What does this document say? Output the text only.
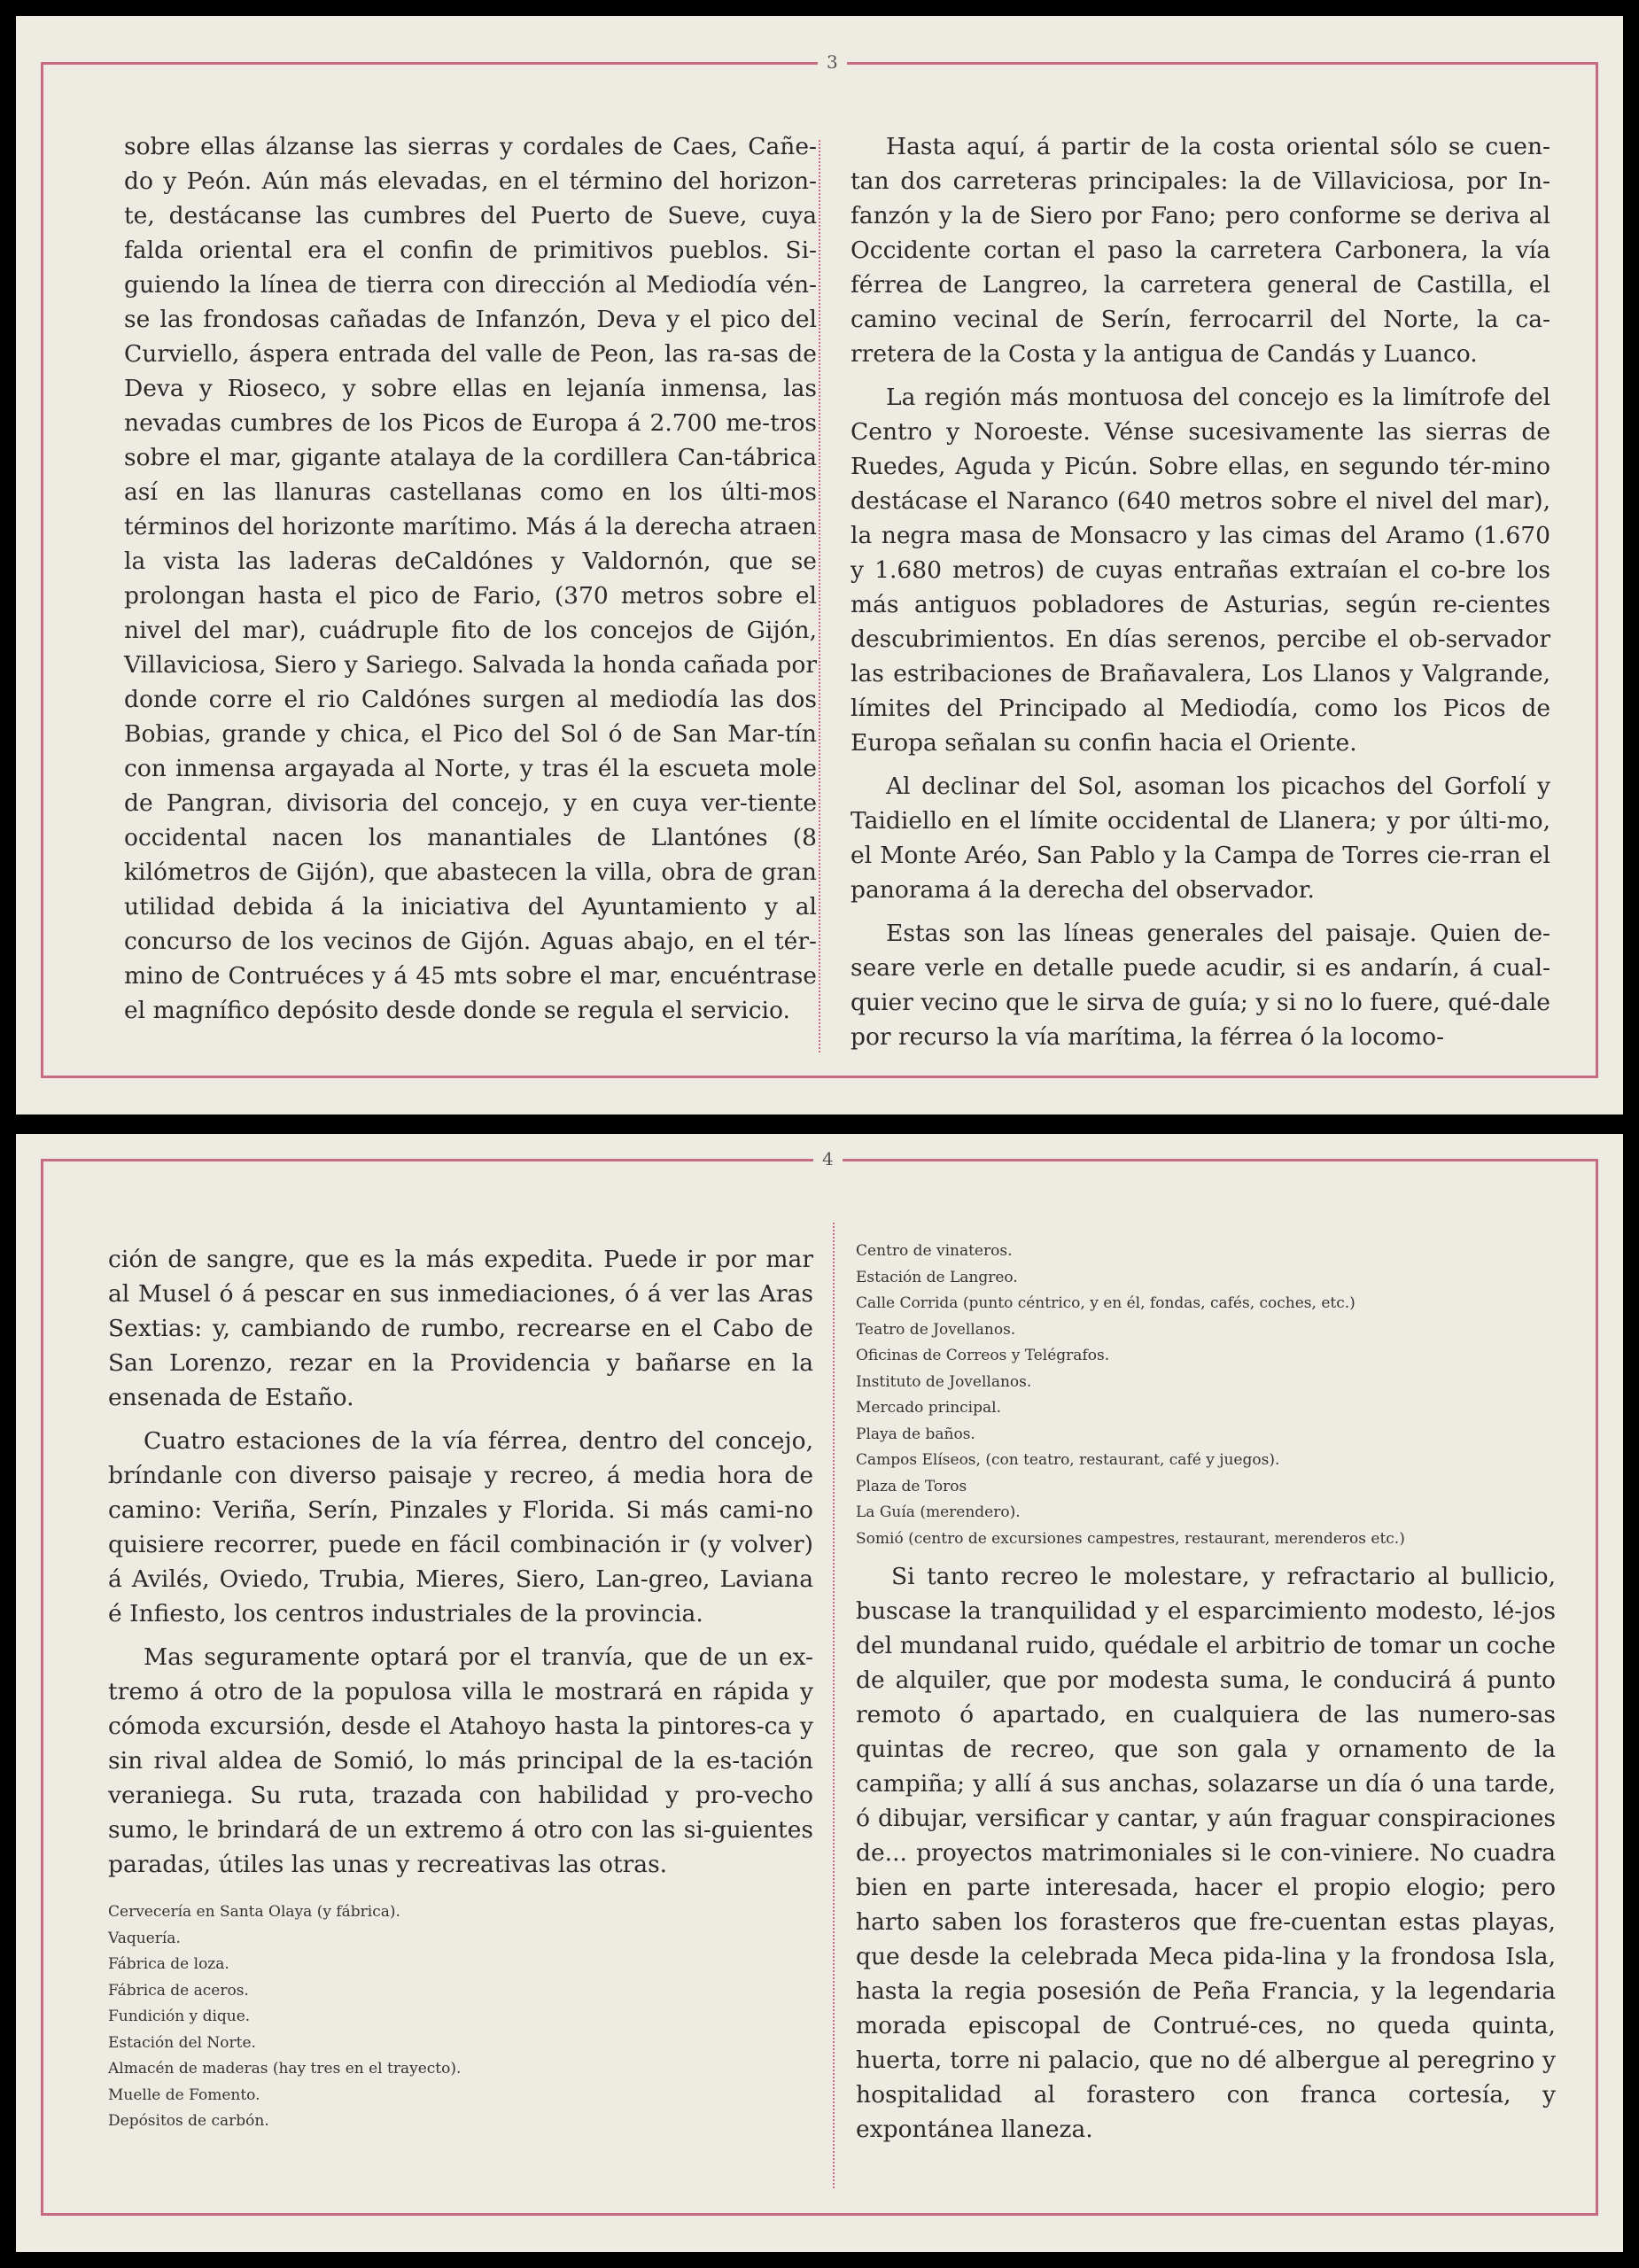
3

sobre ellas álzanse las sierras y cordales de Caes, Cañe-do y Peón. Aún más elevadas, en el término del horizon-te, destácanse las cumbres del Puerto de Sueve, cuya falda oriental era el confin de primitivos pueblos. Si-guiendo la línea de tierra con dirección al Mediodía vén-se las frondosas cañadas de Infanzón, Deva y el pico del Curviello, áspera entrada del valle de Peon, las ra-sas de Deva y Rioseco, y sobre ellas en lejanía inmensa, las nevadas cumbres de los Picos de Europa á 2.700 me-tros sobre el mar, gigante atalaya de la cordillera Can-tábrica así en las llanuras castellanas como en los últi-mos términos del horizonte marítimo. Más á la derecha atraen la vista las laderas deCaldónes y Valdornón, que se prolongan hasta el pico de Fario, (370 metros sobre el nivel del mar), cuádruple fito de los concejos de Gijón, Villaviciosa, Siero y Sariego. Salvada la honda cañada por donde corre el rio Caldónes surgen al mediodía las dos Bobias, grande y chica, el Pico del Sol ó de San Mar-tín con inmensa argayada al Norte, y tras él la escueta mole de Pangran, divisoria del concejo, y en cuya ver-tiente occidental nacen los manantiales de Llantónes (8 kilómetros de Gijón), que abastecen la villa, obra de gran utilidad debida á la iniciativa del Ayuntamiento y al concurso de los vecinos de Gijón. Aguas abajo, en el tér-mino de Contruéces y á 45 mts sobre el mar, encuéntrase el magnífico depósito desde donde se regula el servicio.

Hasta aquí, á partir de la costa oriental sólo se cuen-tan dos carreteras principales: la de Villaviciosa, por In-fanzón y la de Siero por Fano; pero conforme se deriva al Occidente cortan el paso la carretera Carbonera, la vía férrea de Langreo, la carretera general de Castilla, el camino vecinal de Serín, ferrocarril del Norte, la ca-rretera de la Costa y la antigua de Candás y Luanco.

La región más montuosa del concejo es la limítrofe del Centro y Noroeste. Vénse sucesivamente las sierras de Ruedes, Aguda y Picún. Sobre ellas, en segundo tér-mino destácase el Naranco (640 metros sobre el nivel del mar), la negra masa de Monsacro y las cimas del Aramo (1.670 y 1.680 metros) de cuyas entrañas extraían el co-bre los más antiguos pobladores de Asturias, según re-cientes descubrimientos. En días serenos, percibe el ob-servador las estribaciones de Brañavalera, Los Llanos y Valgrande, límites del Principado al Mediodía, como los Picos de Europa señalan su confin hacia el Oriente.

Al declinar del Sol, asoman los picachos del Gorfolí y Taidiello en el límite occidental de Llanera; y por últi-mo, el Monte Aréo, San Pablo y la Campa de Torres cie-rran el panorama á la derecha del observador.

Estas son las líneas generales del paisaje. Quien de-seare verle en detalle puede acudir, si es andarín, á cual-quier vecino que le sirva de guía; y si no lo fuere, qué-dale por recurso la vía marítima, la férrea ó la locomo-

4

ción de sangre, que es la más expedita. Puede ir por mar al Musel ó á pescar en sus inmediaciones, ó á ver las Aras Sextias: y, cambiando de rumbo, recrearse en el Cabo de San Lorenzo, rezar en la Providencia y bañarse en la ensenada de Estaño.

Cuatro estaciones de la vía férrea, dentro del concejo, bríndanle con diverso paisaje y recreo, á media hora de camino: Veriña, Serín, Pinzales y Florida. Si más cami-no quisiere recorrer, puede en fácil combinación ir (y volver) á Avilés, Oviedo, Trubia, Mieres, Siero, Lan-greo, Laviana é Infiesto, los centros industriales de la provincia.

Mas seguramente optará por el tranvía, que de un ex-tremo á otro de la populosa villa le mostrará en rápida y cómoda excursión, desde el Atahoyo hasta la pintores-ca y sin rival aldea de Somió, lo más principal de la es-tación veraniega. Su ruta, trazada con habilidad y pro-vecho sumo, le brindará de un extremo á otro con las si-guientes paradas, útiles las unas y recreativas las otras.

Cervecería en Santa Olaya (y fábrica).
Vaquería.
Fábrica de loza.
Fábrica de aceros.
Fundición y dique.
Estación del Norte.
Almacén de maderas (hay tres en el trayecto).
Muelle de Fomento.
Depósitos de carbón.
Centro de vinateros.
Estación de Langreo.
Calle Corrida (punto céntrico, y en él, fondas, cafés, coches, etc.)
Teatro de Jovellanos.
Oficinas de Correos y Telégrafos.
Instituto de Jovellanos.
Mercado principal.
Playa de baños.
Campos Elíseos, (con teatro, restaurant, café y juegos).
Plaza de Toros
La Guía (merendero).
Somió (centro de excursiones campestres, restaurant, merenderos etc.)

Si tanto recreo le molestare, y refractario al bullicio, buscase la tranquilidad y el esparcimiento modesto, lé-jos del mundanal ruido, quédale el arbitrio de tomar un coche de alquiler, que por modesta suma, le conducirá á punto remoto ó apartado, en cualquiera de las numero-sas quintas de recreo, que son gala y ornamento de la campiña; y allí á sus anchas, solazarse un día ó una tarde, ó dibujar, versificar y cantar, y aún fraguar conspiraciones de... proyectos matrimoniales si le con-viniere. No cuadra bien en parte interesada, hacer el propio elogio; pero harto saben los forasteros que fre-cuentan estas playas, que desde la celebrada Meca pida-lina y la frondosa Isla, hasta la regia posesión de Peña Francia, y la legendaria morada episcopal de Contrué-ces, no queda quinta, huerta, torre ni palacio, que no dé albergue al peregrino y hospitalidad al forastero con franca cortesía, y expontánea llaneza.
